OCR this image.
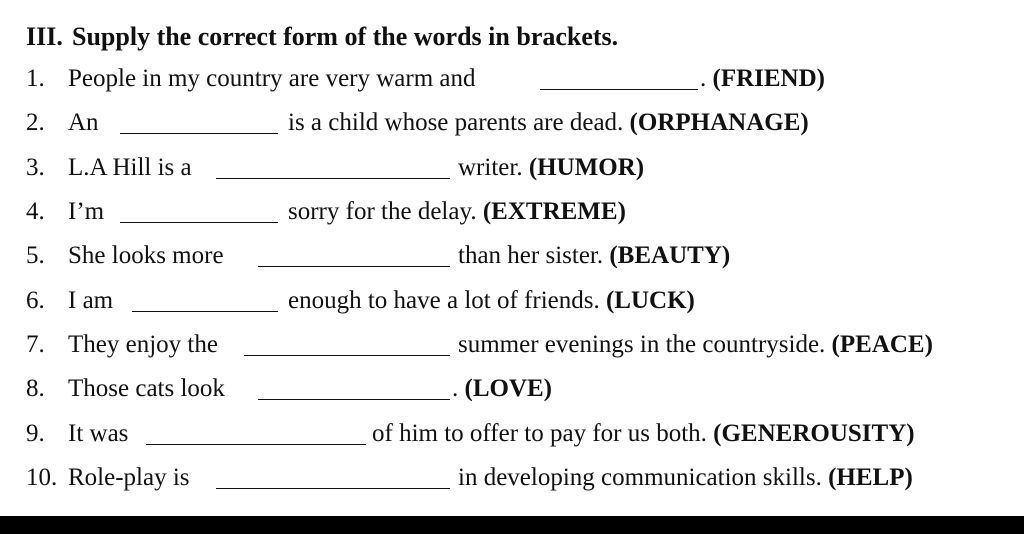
III. Supply the correct form of the words in brackets.
1. People in my country are very warm and	. (FRIEND)
2. An	is a child whose parents are dead. (ORPHANAGE)
3. L.A Hill is a	writer. (HUMOR)
4. I’m	sorry for the delay. (EXTREME)
5. She looks more	than her sister. (BEAUTY)
6. I am	enough to have a lot of friends. (LUCK)
7. They enjoy the	summer evenings in the countryside. (PEACE)
8. Those cats look	. (LOVE)
9. It was	of him to offer to pay for us both. (GENEROUSITY)
10. Role-play is	in developing communication skills. (HELP)
